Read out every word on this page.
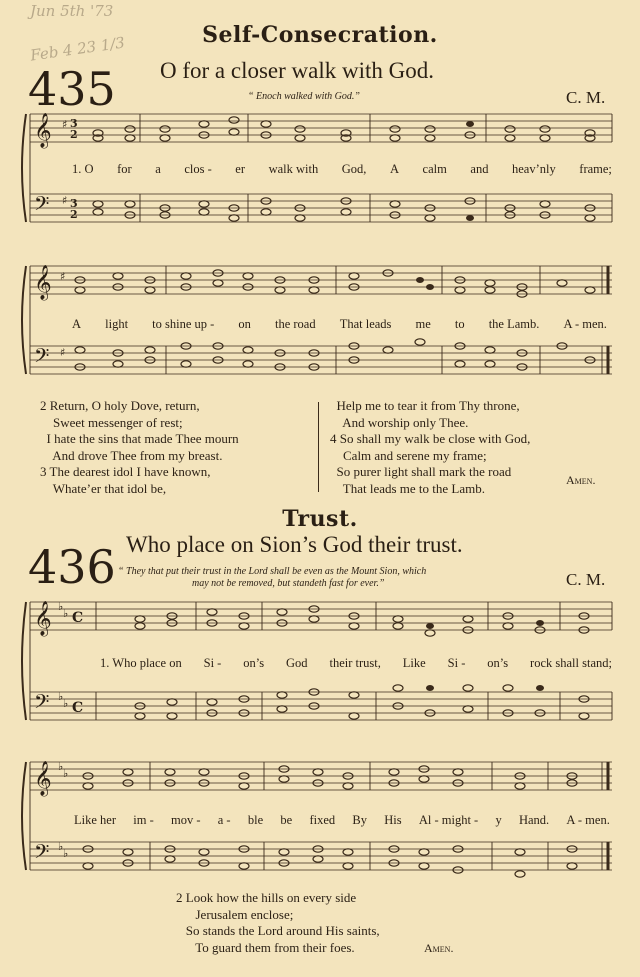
Jun 5th '73
Feb 4 23 1/3	Self-Consecration.
435 O for a closer walk with God.
“ Enoch walked with God.”	C. M.
𝄞
𝄢
♯
♯
3
2
3
2
1. O for a clos - er walk with God, A calm and heav’nly frame;
𝄞
𝄢
♯
♯
A light to shine up - on the road That leads me to the Lamb. A - men.
2 Return, O holy Dove, return,
Sweet messenger of rest;
I hate the sins that made Thee mourn
And drove Thee from my breast.
3 The dearest idol I have known,
Whate’er that idol be,
Help me to tear it from Thy throne,
And worship only Thee.
4 So shall my walk be close with God,
Calm and serene my frame;
So purer light shall mark the road
That leads me to the Lamb.
Amen.
Trust.
436 Who place on Sion’s God their trust.
“ They that put their trust in the Lord shall be even as the Mount Sion, which
may not be removed, but standeth fast for ever.”	C. M.
𝄞
𝄢
♭
♭
♭
♭
C
C
1. Who place on Si - on’s God their trust, Like Si - on’s rock shall stand;
𝄞
𝄢
♭
♭
♭
♭
Like her im - mov - a - ble be fixed By His Al - might - y Hand. A - men.
2 Look how the hills on every side
Jerusalem enclose;
So stands the Lord around His saints,
To guard them from their foes.	Amen.
